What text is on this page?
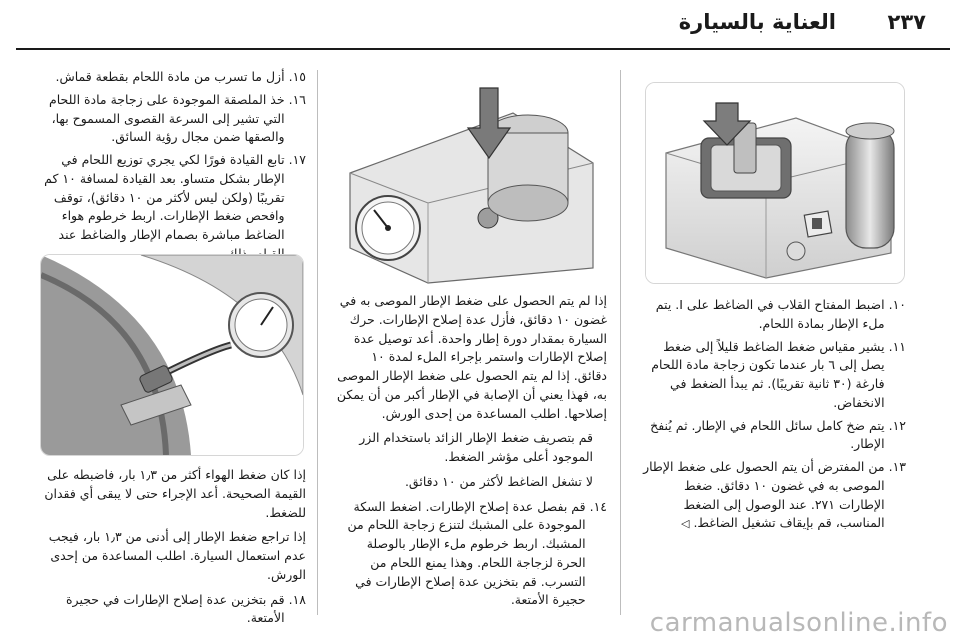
٢٣٧
العناية بالسيارة
١٠.
اضبط المفتاح القلاب في الضاغط على I. يتم ملء الإطار بمادة اللحام.
١١.
يشير مقياس ضغط الضاغط قليلاً إلى ضغط يصل إلى ٦ بار عندما تكون زجاجة مادة اللحام فارغة (٣٠ ثانية تقريبًا). ثم يبدأ الضغط في الانخفاض.
١٢.
يتم ضخ كامل سائل اللحام في الإطار. ثم يُنفخ الإطار.
١٣.
من المفترض أن يتم الحصول على ضغط الإطار الموصى به في غضون ١٠ دقائق. ضغط الإطارات ٢٧١. عند الوصول إلى الضغط المناسب، قم بإيقاف تشغيل الضاغط. ◁

إذا لم يتم الحصول على ضغط الإطار الموصى به في غضون ١٠ دقائق، فأزل عدة إصلاح الإطارات. حرك السيارة بمقدار دورة إطار واحدة. أعد توصيل عدة إصلاح الإطارات واستمر بإجراء الملء لمدة ١٠ دقائق. إذا لم يتم الحصول على ضغط الإطار الموصى به، فهذا يعني أن الإصابة في الإطار أكبر من أن يمكن إصلاحها. اطلب المساعدة من إحدى الورش.

قم بتصريف ضغط الإطار الزائد باستخدام الزر الموجود أعلى مؤشر الضغط.

لا تشغل الضاغط لأكثر من ١٠ دقائق.

١٤.
قم بفصل عدة إصلاح الإطارات. اضغط السكة الموجودة على المشبك لتنزع زجاجة اللحام من المشبك. اربط خرطوم ملء الإطار بالوصلة الحرة لزجاجة اللحام. وهذا يمنع اللحام من التسرب. قم بتخزين عدة إصلاح الإطارات في حجيرة الأمتعة.
١٥.
أزل ما تسرب من مادة اللحام بقطعة قماش.
١٦.
خذ الملصقة الموجودة على زجاجة مادة اللحام التي تشير إلى السرعة القصوى المسموح بها، والصقها ضمن مجال رؤية السائق.
١٧.
تابع القيادة فورًا لكي يجري توزيع اللحام في الإطار بشكل متساو. بعد القيادة لمسافة ١٠ كم تقريبًا (ولكن ليس لأكثر من ١٠ دقائق)، توقف وافحص ضغط الإطارات. اربط خرطوم هواء الضاغط مباشرة بصمام الإطار والضاغط عند

إذا كان ضغط الهواء أكثر من ١٫٣ بار، فاضبطه على القيمة الصحيحة. أعد الإجراء حتى لا يبقى أي فقدان للضغط.

إذا تراجع ضغط الإطار إلى أدنى من ١٫٣ بار، فيجب عدم استعمال السيارة. اطلب المساعدة من إحدى الورش.

١٨.
قم بتخزين عدة إصلاح الإطارات في حجيرة الأمتعة.	carmanualsonline.info
